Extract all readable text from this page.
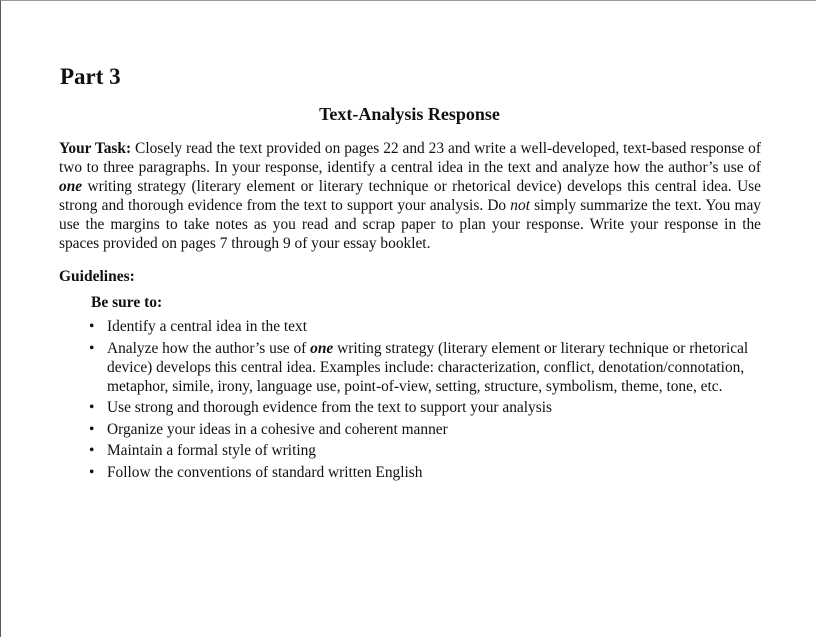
Part 3
Text-Analysis Response

Your Task: Closely read the text provided on pages 22 and 23 and write a well-developed, text-based response of two to three paragraphs. In your response, identify a central idea in the text and analyze how the author’s use of one writing strategy (literary element or literary technique or rhetorical device) develops this central idea. Use strong and thorough evidence from the text to support your analysis. Do not simply summarize the text. You may use the margins to take notes as you read and scrap paper to plan your response. Write your response in the spaces provided on pages 7 through 9 of your essay booklet.

Guidelines:
Be sure to:
• Identify a central idea in the text
• Analyze how the author’s use of one writing strategy (literary element or literary technique or rhetorical device) develops this central idea. Examples include: characterization, conflict, denotation/connotation, metaphor, simile, irony, language use, point-of-view, setting, structure, symbolism, theme, tone, etc.
• Use strong and thorough evidence from the text to support your analysis
• Organize your ideas in a cohesive and coherent manner
• Maintain a formal style of writing
• Follow the conventions of standard written English
